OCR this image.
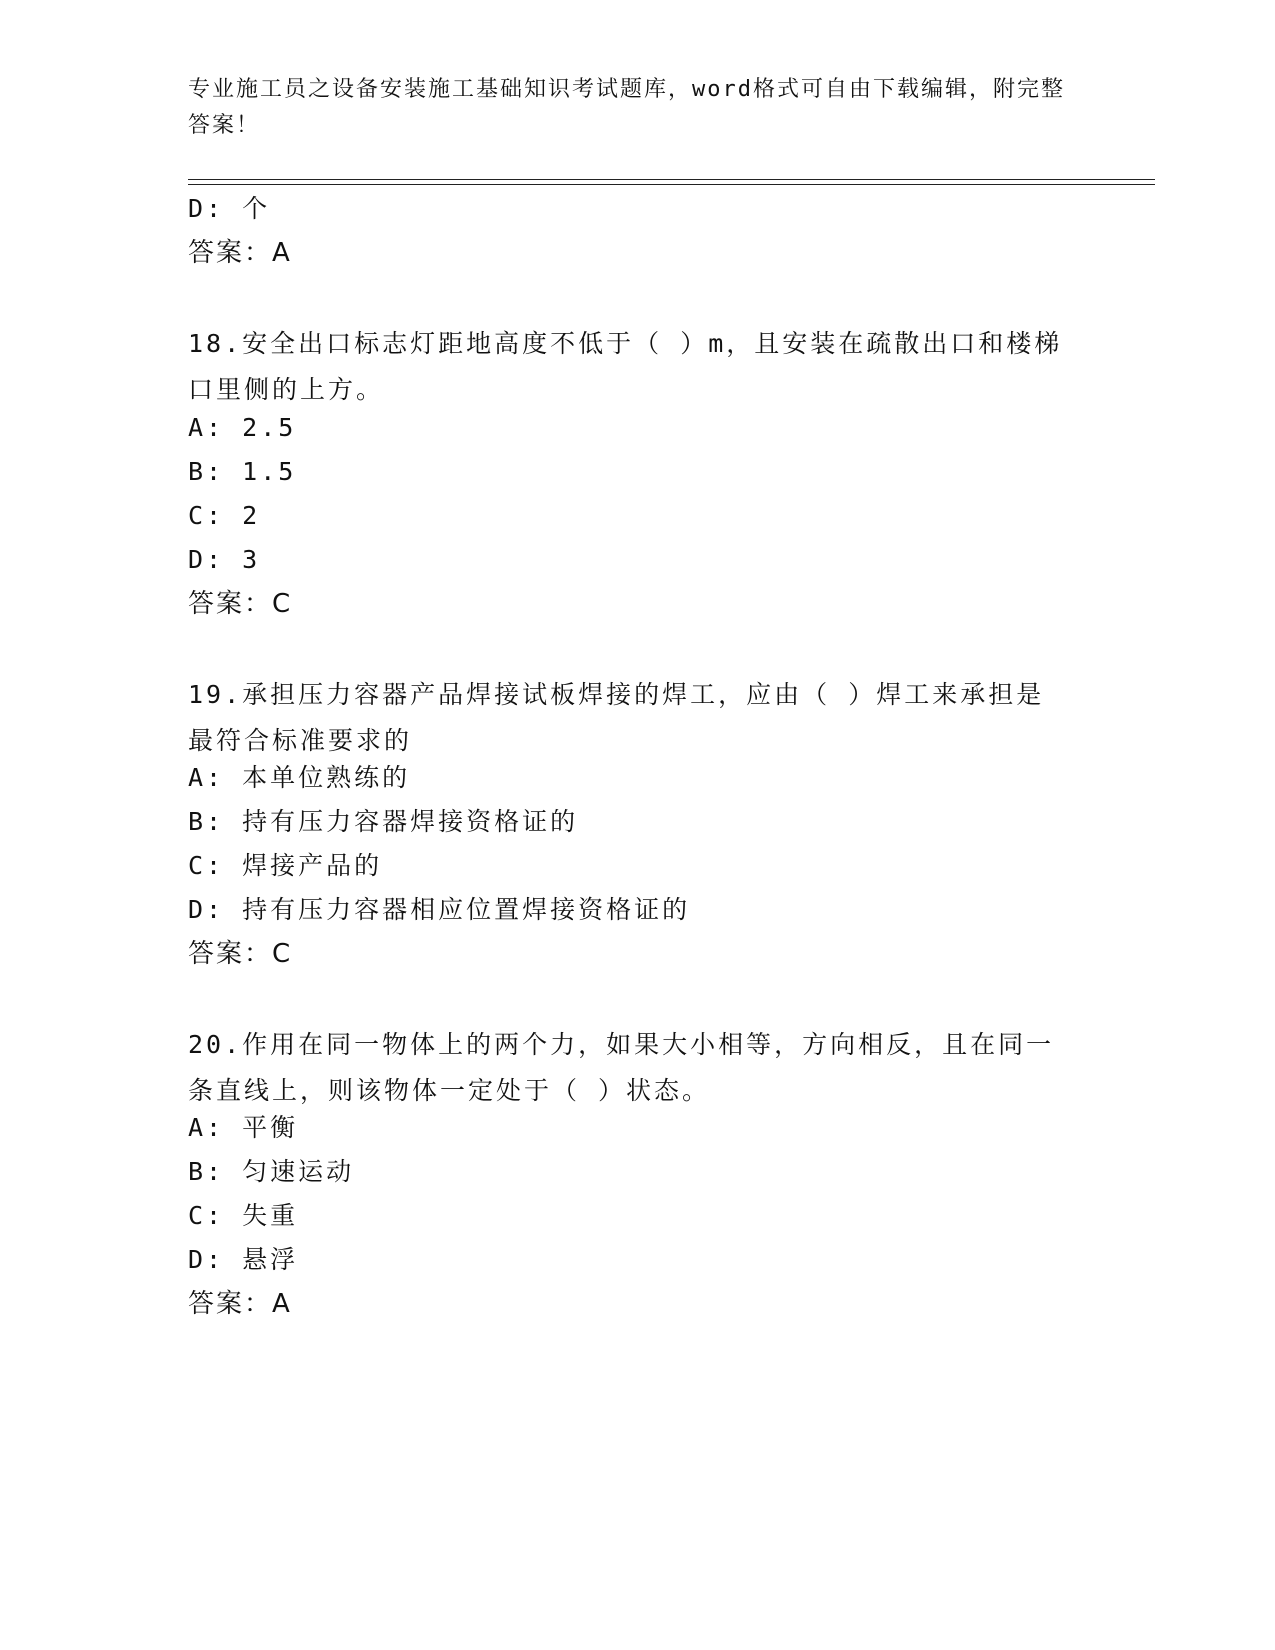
专业施工员之设备安装施工基础知识考试题库，word格式可自由下载编辑，附完整答案！
D: 个
答案：A
18.安全出口标志灯距地高度不低于（ ）m，且安装在疏散出口和楼梯口里侧的上方。
A: 2.5
B: 1.5
C: 2
D: 3
答案：C
19.承担压力容器产品焊接试板焊接的焊工，应由（ ）焊工来承担是最符合标准要求的
A: 本单位熟练的
B: 持有压力容器焊接资格证的
C: 焊接产品的
D: 持有压力容器相应位置焊接资格证的
答案：C
20.作用在同一物体上的两个力，如果大小相等，方向相反，且在同一条直线上，则该物体一定处于（ ）状态。
A: 平衡
B: 匀速运动
C: 失重
D: 悬浮
答案：A
